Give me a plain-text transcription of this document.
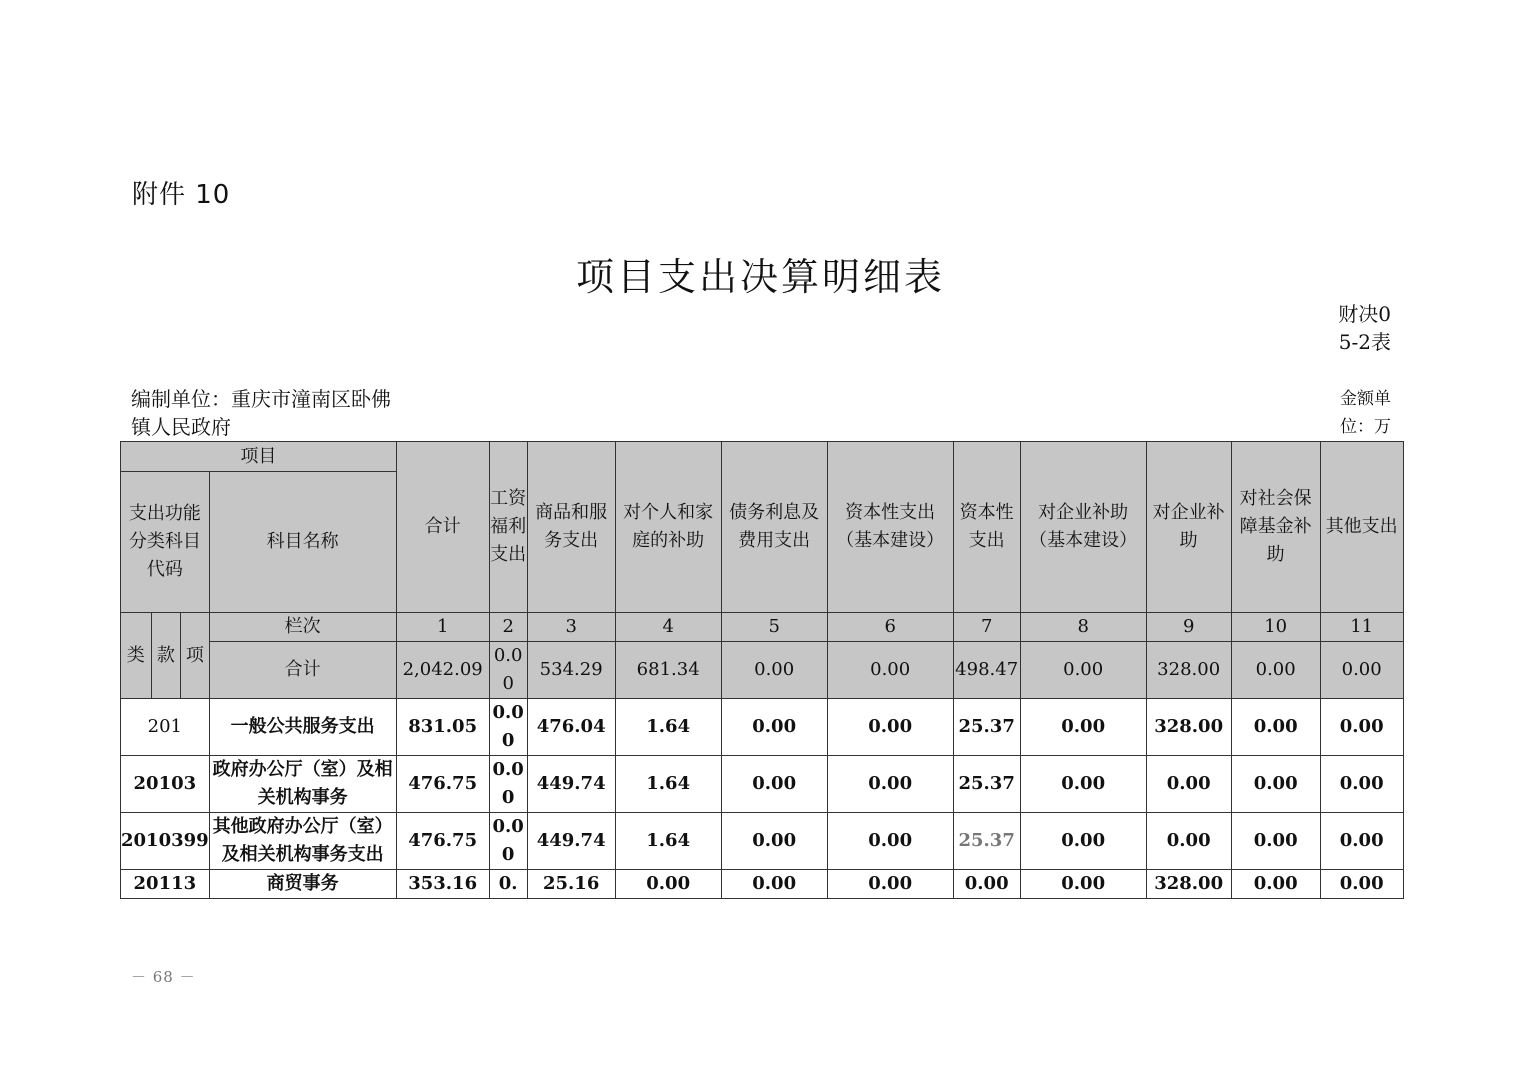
附件 10
项目支出决算明细表
财决05-2表
编制单位：重庆市潼南区卧佛镇人民政府
金额单位：万
项目				合计	工资福利支出	商品和服务支出	对个人和家庭的补助	债务利息及费用支出	资本性支出（基本建设）	资本性支出	对企业补助（基本建设）	对企业补助	对社会保障基金补助	其他支出
支出功能分类科目代码			科目名称											
类	款	项	栏次	1	2	3	4	5	6	7	8	9	10	11
			合计	2,042.09	0.00	534.29	681.34	0.00	0.00	498.47	0.00	328.00	0.00	0.00
201			一般公共服务支出	831.05	0.00	476.04	1.64	0.00	0.00	25.37	0.00	328.00	0.00	0.00
20103			政府办公厅（室）及相关机构事务	476.75	0.00	449.74	1.64	0.00	0.00	25.37	0.00	0.00	0.00	0.00
2010399			其他政府办公厅（室）及相关机构事务支出	476.75	0.00	449.74	1.64	0.00	0.00	25.37	0.00	0.00	0.00	0.00
20113			商贸事务	353.16	0.	25.16	0.00	0.00	0.00	0.00	0.00	328.00	0.00	0.00
－ 68 －
